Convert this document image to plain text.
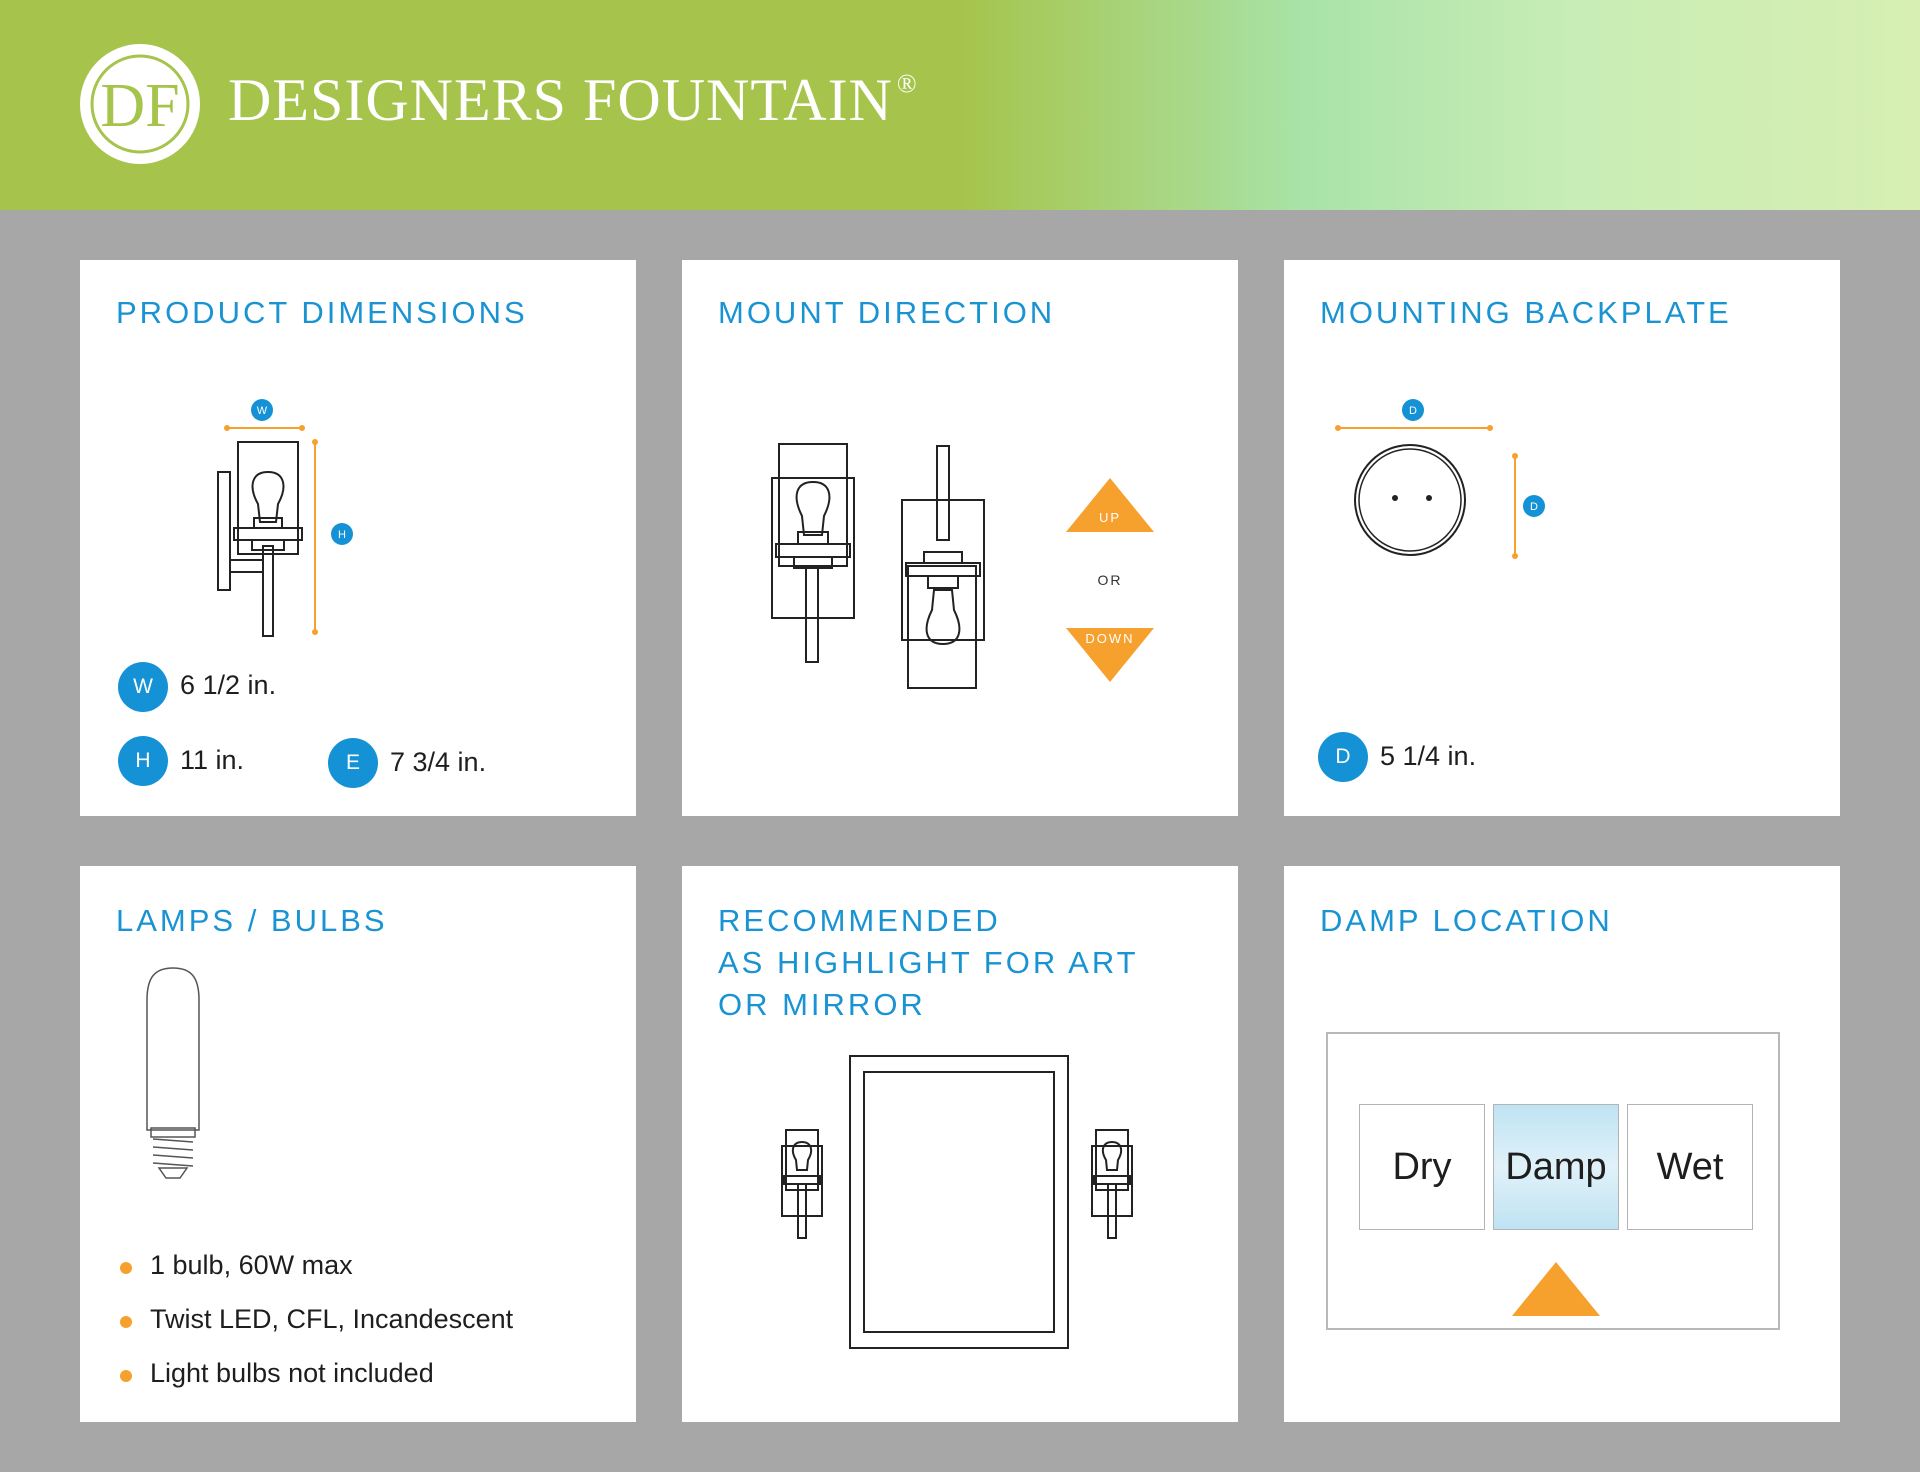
DF DESIGNERS FOUNTAIN ®
PRODUCT DIMENSIONS
W
H
W	6 1/2 in.
H	11 in.	E	7 3/4 in.
MOUNT DIRECTION
UP
OR
DOWN
MOUNTING BACKPLATE
D
D
D	5 1/4 in.
LAMPS / BULBS
1 bulb, 60W max
Twist LED, CFL, Incandescent
Light bulbs not included
RECOMMENDED
AS HIGHLIGHT FOR ART
OR MIRROR
DAMP LOCATION
Dry	Damp	Wet
